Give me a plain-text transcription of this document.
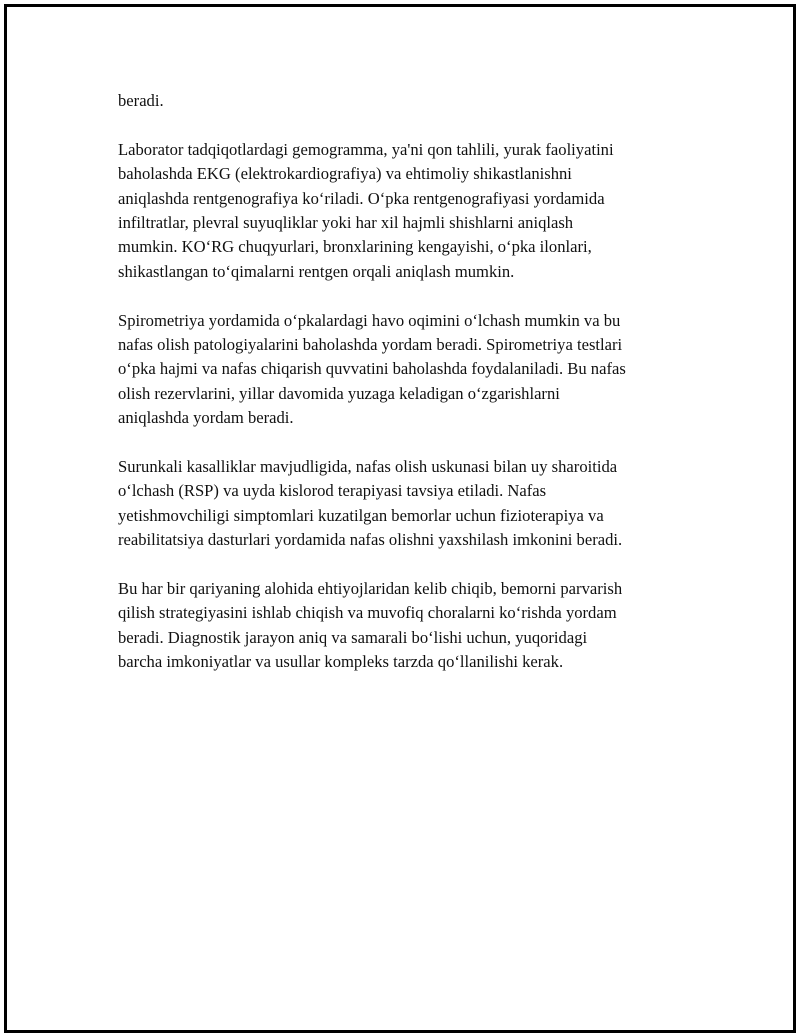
beradi.

Laborator tadqiqotlardagi gemogramma, ya'ni qon tahlili, yurak faoliyatini
baholashda EKG (elektrokardiografiya) va ehtimoliy shikastlanishni
aniqlashda rentgenografiya koʻriladi. Oʻpka rentgenografiyasi yordamida
infiltratlar, plevral suyuqliklar yoki har xil hajmli shishlarni aniqlash
mumkin. KOʻRG chuqyurlari, bronxlarining kengayishi, oʻpka ilonlari,
shikastlangan toʻqimalarni rentgen orqali aniqlash mumkin.

Spirometriya yordamida oʻpkalardagi havo oqimini oʻlchash mumkin va bu
nafas olish patologiyalarini baholashda yordam beradi. Spirometriya testlari
oʻpka hajmi va nafas chiqarish quvvatini baholashda foydalaniladi. Bu nafas
olish rezervlarini, yillar davomida yuzaga keladigan oʻzgarishlarni
aniqlashda yordam beradi.

Surunkali kasalliklar mavjudligida, nafas olish uskunasi bilan uy sharoitida
oʻlchash (RSP) va uyda kislorod terapiyasi tavsiya etiladi. Nafas
yetishmovchiligi simptomlari kuzatilgan bemorlar uchun fizioterapiya va
reabilitatsiya dasturlari yordamida nafas olishni yaxshilash imkonini beradi.

Bu har bir qariyaning alohida ehtiyojlaridan kelib chiqib, bemorni parvarish
qilish strategiyasini ishlab chiqish va muvofiq choralarni koʻrishda yordam
beradi. Diagnostik jarayon aniq va samarali boʻlishi uchun, yuqoridagi
barcha imkoniyatlar va usullar kompleks tarzda qoʻllanilishi kerak.
